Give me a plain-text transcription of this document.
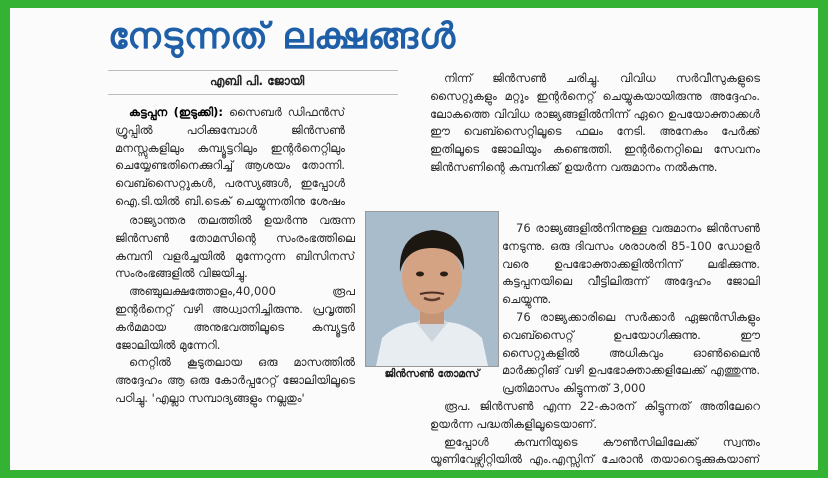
നേടുന്നത് ലക്ഷങ്ങൾ
എബി പി. ജോയി

കട്ടപ്പന (ഇടുക്കി): സൈബർ ഡിഫൻസ് ഗ്രൂപ്പിൽ പഠിക്കുമ്പോൾ ജിൻസൺ മനസ്സുകളിലും കമ്പ്യൂട്ടറിലും ഇന്റർനെറ്റിലും ചെയ്യേണ്ടതിനെക്കുറിച്ച് ആശയം തോന്നി. വെബ്സൈറ്റുകൾ, പരസ്യങ്ങൾ, ഇപ്പോൾ ഐ.ടി.യിൽ ബി.ടെക് ചെയ്യുന്നതിനു ശേഷം

രാജ്യാന്തര തലത്തിൽ ഉയർന്നു വരുന്ന ജിൻസൺ തോമസിന്റെ സംരംഭത്തിലെ കമ്പനി വളർച്ചയിൽ മുന്നേറുന്ന ബിസിനസ് സംരംഭങ്ങളിൽ വിജയിച്ചു.

അഞ്ചുലക്ഷത്തോളം,40,000 രൂപ ഇന്റർനെറ്റ് വഴി അധ്വാനിച്ചിരുന്നു. പ്രവൃത്തി കർമമായ അനുഭവത്തിലൂടെ കമ്പ്യൂട്ടർ ജോലിയിൽ മുന്നേറി.

നെറ്റിൽ കൂടുതലായ ഒരു മാസത്തിൽ അദ്ദേഹം ആ ഒരു കോർപ്പറേറ്റ് ജോലിയിലൂടെ പഠിച്ചു. 'എല്ലാ സമ്പാദ്യങ്ങളും നല്ലതും'

ജിൻസൺ തോമസ്

നിന്ന് ജിൻസൺ ചരിച്ചു. വിവിധ സർവീസുകളുടെ സൈറ്റുകളും മറ്റും ഇന്റർനെറ്റ് ചെയ്യുകയായിരുന്നു അദ്ദേഹം. ലോകത്തെ വിവിധ രാജ്യങ്ങളിൽനിന്ന് ഏറെ ഉപയോക്താക്കൾ ഈ വെബ്സൈറ്റിലൂടെ ഫലം നേടി. അനേകം പേർക്ക് ഇതിലൂടെ ജോലിയും കണ്ടെത്തി. ഇന്റർനെറ്റിലെ സേവനം ജിൻസണിന്റെ കമ്പനിക്ക് ഉയർന്ന വരുമാനം നൽകുന്നു.

76 രാജ്യങ്ങളിൽനിന്നുള്ള വരുമാനം ജിൻസൺ നേടുന്നു. ഒരു ദിവസം ശരാശരി 85-100 ഡോളർ വരെ ഉപഭോക്താക്കളിൽനിന്ന് ലഭിക്കുന്നു. കട്ടപ്പനയിലെ വീട്ടിലിരുന്ന് അദ്ദേഹം ജോലി ചെയ്യുന്നു.

76 രാജ്യക്കാരിലെ സർക്കാർ ഏജൻസികളും വെബ്സൈറ്റ് ഉപയോഗിക്കുന്നു. ഈ സൈറ്റുകളിൽ അധികവും ഓൺലൈൻ മാർക്കറ്റിങ് വഴി ഉപഭോക്താക്കളിലേക്ക് എത്തുന്നു. പ്രതിമാസം കിട്ടുന്നത് 3,000

രൂപ. ജിൻസൺ എന്ന 22-കാരന് കിട്ടുന്നത് അതിലേറെ ഉയർന്ന പദ്ധതികളിലൂടെയാണ്.

ഇപ്പോൾ കമ്പനിയുടെ കൗൺസിലിലേക്ക് സ്വന്തം യൂണിവേഴ്സിറ്റിയിൽ എം.എസ്സിന് ചേരാൻ തയാറെടുക്കുകയാണ്
